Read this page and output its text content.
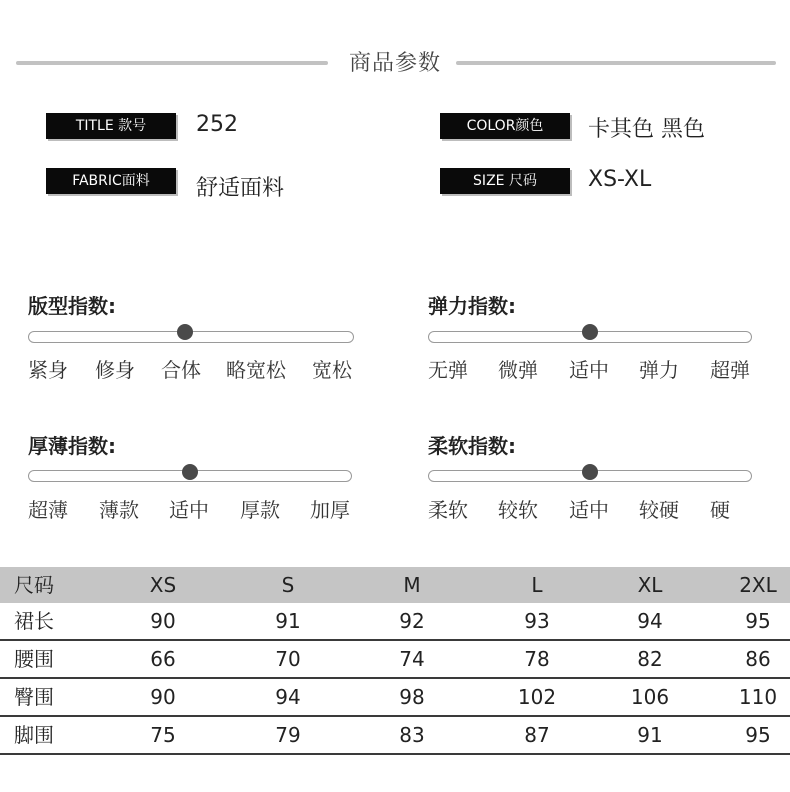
商品参数
TITLE 款号	252	COLOR颜色	卡其色 黑色
FABRIC面料	舒适面料	SIZE 尺码	XS-XL
版型指数:
紧身 修身 合体 略宽松 宽松
弹力指数:
无弹 微弹 适中 弹力 超弹
厚薄指数:
超薄 薄款 适中 厚款 加厚
柔软指数:
柔软 较软 适中 较硬 硬
尺码	XS	S	M	L	XL	2XL
裙长	90	91	92	93	94	95
腰围	66	70	74	78	82	86
臀围	90	94	98	102	106	110
脚围	75	79	83	87	91	95
